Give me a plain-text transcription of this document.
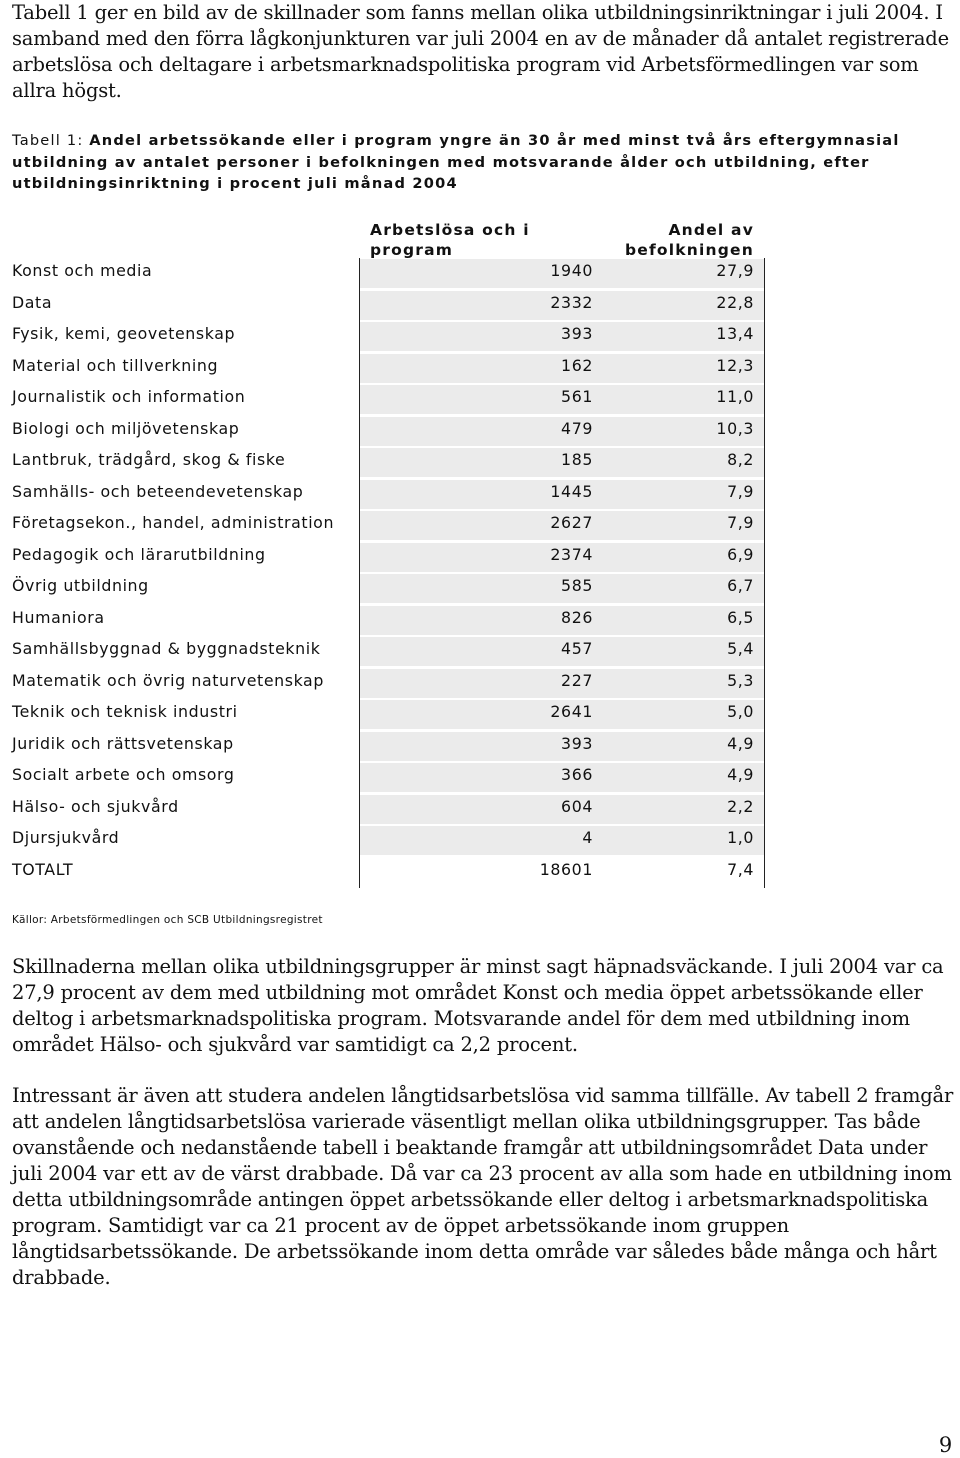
Tabell 1 ger en bild av de skillnader som fanns mellan olika utbildningsinriktningar i juli 2004. I samband med den förra lågkonjunkturen var juli 2004 en av de månader då antalet registrerade arbetslösa och deltagare i arbetsmarknadspolitiska program vid Arbetsförmedlingen var som allra högst.

Tabell 1: Andel arbetssökande eller i program yngre än 30 år med minst två års eftergymnasial utbildning av antalet personer i befolkningen med motsvarande ålder och utbildning, efter utbildningsinriktning i procent juli månad 2004

Arbetslösa och i program
Andel av befolkningen
Konst och media	1940	27,9
Data	2332	22,8
Fysik, kemi, geovetenskap	393	13,4
Material och tillverkning	162	12,3
Journalistik och information	561	11,0
Biologi och miljövetenskap	479	10,3
Lantbruk, trädgård, skog & fiske	185	8,2
Samhälls- och beteendevetenskap	1445	7,9
Företagsekon., handel, administration	2627	7,9
Pedagogik och lärarutbildning	2374	6,9
Övrig utbildning	585	6,7
Humaniora	826	6,5
Samhällsbyggnad & byggnadsteknik	457	5,4
Matematik och övrig naturvetenskap	227	5,3
Teknik och teknisk industri	2641	5,0
Juridik och rättsvetenskap	393	4,9
Socialt arbete och omsorg	366	4,9
Hälso- och sjukvård	604	2,2
Djursjukvård	4	1,0
TOTALT	18601	7,4
Källor: Arbetsförmedlingen och SCB Utbildningsregistret

Skillnaderna mellan olika utbildningsgrupper är minst sagt häpnadsväckande. I juli 2004 var ca 27,9 procent av dem med utbildning mot området Konst och media öppet arbetssökande eller deltog i arbetsmarknadspolitiska program. Motsvarande andel för dem med utbildning inom området Hälso- och sjukvård var samtidigt ca 2,2 procent.

Intressant är även att studera andelen långtidsarbetslösa vid samma tillfälle. Av tabell 2 framgår att andelen långtidsarbetslösa varierade väsentligt mellan olika utbildningsgrupper. Tas både ovanstående och nedanstående tabell i beaktande framgår att utbildningsområdet Data under juli 2004 var ett av de värst drabbade. Då var ca 23 procent av alla som hade en utbildning inom detta utbildningsområde antingen öppet arbetssökande eller deltog i arbetsmarknadspolitiska program. Samtidigt var ca 21 procent av de öppet arbetssökande inom gruppen långtidsarbetssökande. De arbetssökande inom detta område var således både många och hårt drabbade.

9
